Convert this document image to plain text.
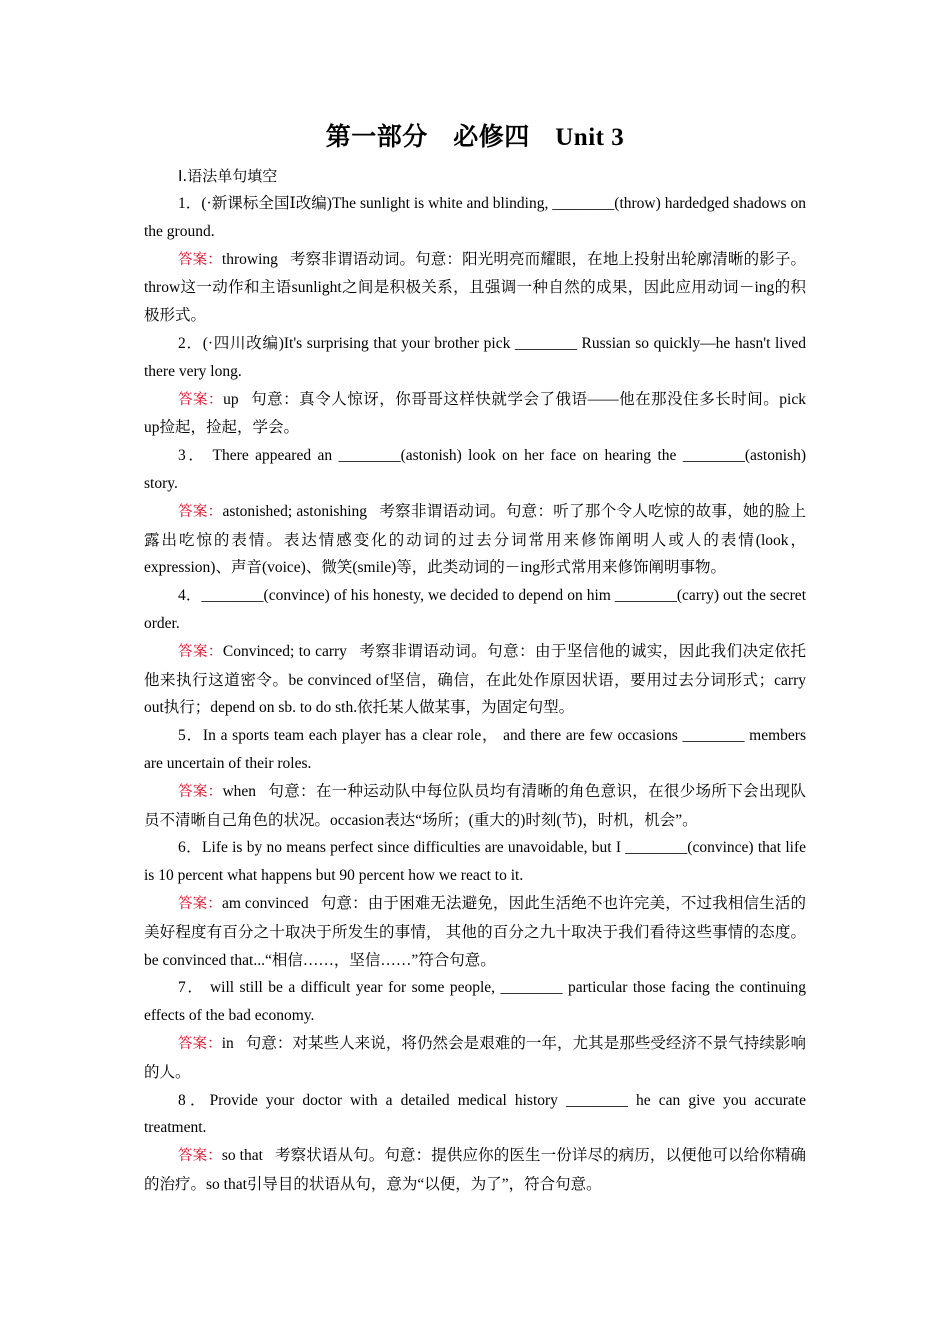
第一部分　必修四　Unit 3
Ⅰ.语法单句填空

1．(·新课标全国Ⅰ改编)The sunlight is white and blinding, ________(throw) hardedged shadows on the ground.

答案：throwing 考察非谓语动词。句意：阳光明亮而耀眼，在地上投射出轮廓清晰的影子。throw这一动作和主语sunlight之间是积极关系，且强调一种自然的成果，因此应用动词－ing的积极形式。

2．(·四川改编)It's surprising that your brother pick ________ Russian so quickly—he hasn't lived there very long.

答案：up 句意：真令人惊讶，你哥哥这样快就学会了俄语——他在那没住多长时间。pick up捡起，捡起，学会。

3． There appeared an ________(astonish) look on her face on hearing the ________(astonish) story.

答案：astonished; astonishing 考察非谓语动词。句意：听了那个令人吃惊的故事，她的脸上露出吃惊的表情。表达情感变化的动词的过去分词常用来修饰阐明人或人的表情(look，expression)、声音(voice)、微笑(smile)等，此类动词的－ing形式常用来修饰阐明事物。

4．________(convince) of his honesty, we decided to depend on him ________(carry) out the secret order.

答案：Convinced; to carry 考察非谓语动词。句意：由于坚信他的诚实，因此我们决定依托他来执行这道密令。be convinced of坚信，确信，在此处作原因状语，要用过去分词形式；carry out执行；depend on sb. to do sth.依托某人做某事，为固定句型。

5．In a sports team each player has a clear role， and there are few occasions ________ members are uncertain of their roles.

答案：when 句意：在一种运动队中每位队员均有清晰的角色意识，在很少场所下会出现队员不清晰自己角色的状况。occasion表达“场所；(重大的)时刻(节)，时机，机会”。

6．Life is by no means perfect since difficulties are unavoidable, but I ________(convince) that life is 10 percent what happens but 90 percent how we react to it.

答案：am convinced 句意：由于困难无法避免，因此生活绝不也许完美，不过我相信生活的美好程度有百分之十取决于所发生的事情， 其他的百分之九十取决于我们看待这些事情的态度。be convinced that...“相信……，坚信……”符合句意。

7． will still be a difficult year for some people, ________ particular those facing the continuing effects of the bad economy.

答案：in 句意：对某些人来说，将仍然会是艰难的一年，尤其是那些受经济不景气持续影响的人。

8．Provide your doctor with a detailed medical history ________ he can give you accurate treatment.

答案：so that 考察状语从句。句意：提供应你的医生一份详尽的病历，以便他可以给你精确的治疗。so that引导目的状语从句，意为“以便，为了”，符合句意。
